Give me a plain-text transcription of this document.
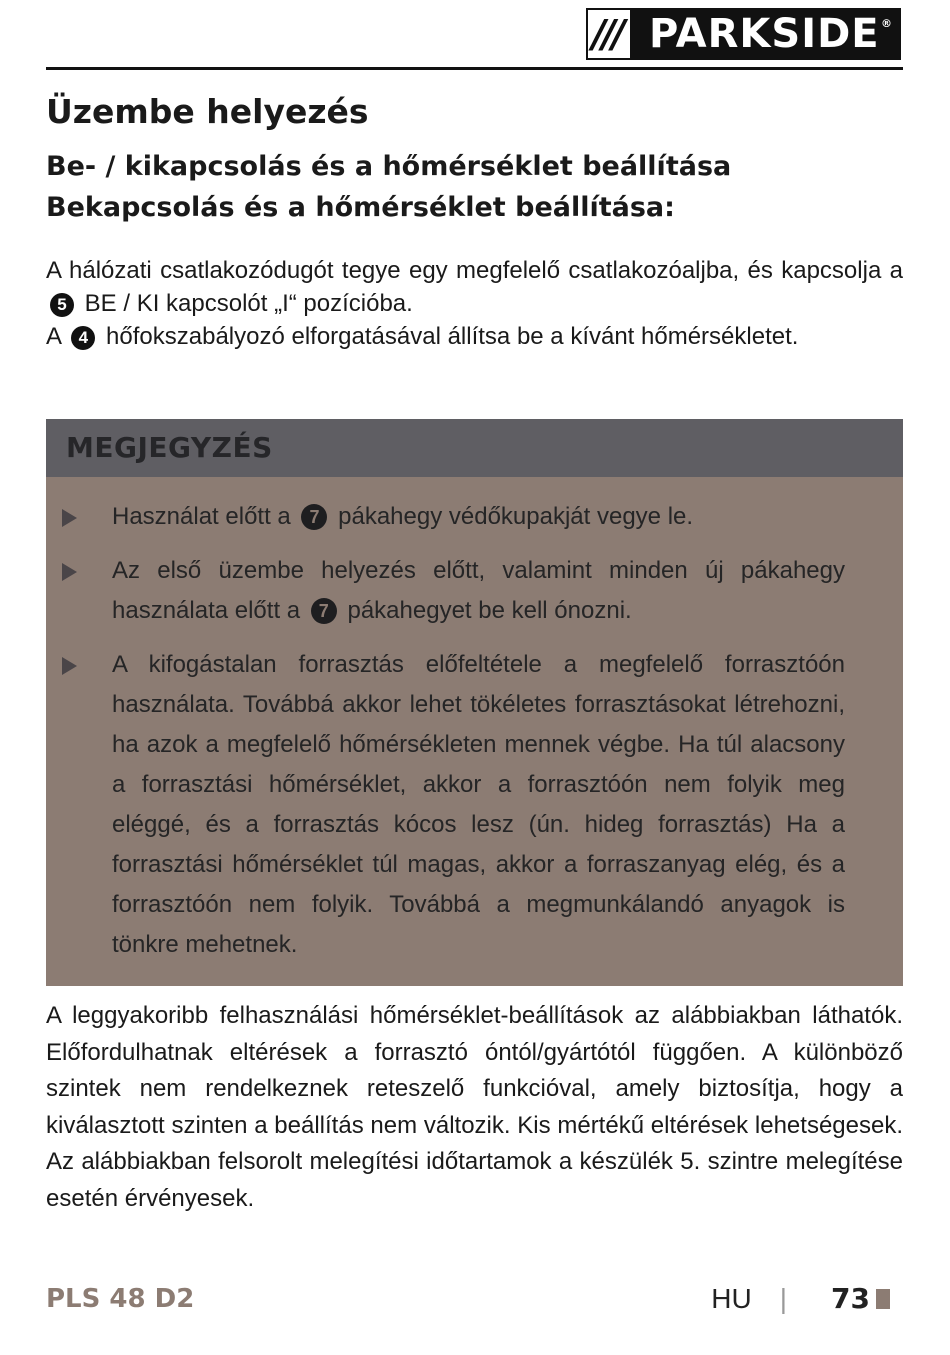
/// PARKSIDE ®
Üzembe helyezés
Be- / kikapcsolás és a hőmérséklet beállítása
Bekapcsolás és a hőmérséklet beállítása:

A hálózati csatlakozódugót tegye egy megfelelő csatlakozóaljba, és kapcsolja a 5 BE / KI kapcsolót „I“ pozícióba.

A 4 hőfokszabályozó elforgatásával állítsa be a kívánt hőmérsékletet.

MEGJEGYZÉS
Használat előtt a 7 pákahegy védőkupakját vegye le.
Az első üzembe helyezés előtt, valamint minden új pákahegy használata előtt a 7 pákahegyet be kell ónozni.
A kifogástalan forrasztás előfeltétele a megfelelő forrasztóón használata. Továbbá akkor lehet tökéletes forrasztásokat létrehozni, ha azok a megfelelő hőmérsékleten mennek végbe. Ha túl alacsony a forrasztási hőmérséklet, akkor a forrasztóón nem folyik meg eléggé, és a forrasztás kócos lesz (ún. hideg forrasztás) Ha a forrasztási hőmérséklet túl magas, akkor a forraszanyag elég, és a forrasztóón nem folyik. Továbbá a megmunkálandó anyagok is tönkre mehetnek.

A leggyakoribb felhasználási hőmérséklet-beállítások az alábbiakban láthatók. Előfordulhatnak eltérések a forrasztó óntól/gyártótól függően. A különböző szintek nem rendelkeznek reteszelő funkcióval, amely biztosítja, hogy a kiválasztott szinten a beállítás nem változik. Kis mértékű eltérések lehetségesek. Az alábbiakban felsorolt melegítési időtartamok a készülék 5. szintre melegítése esetén érvényesek.

PLS 48 D2	HU | 73
